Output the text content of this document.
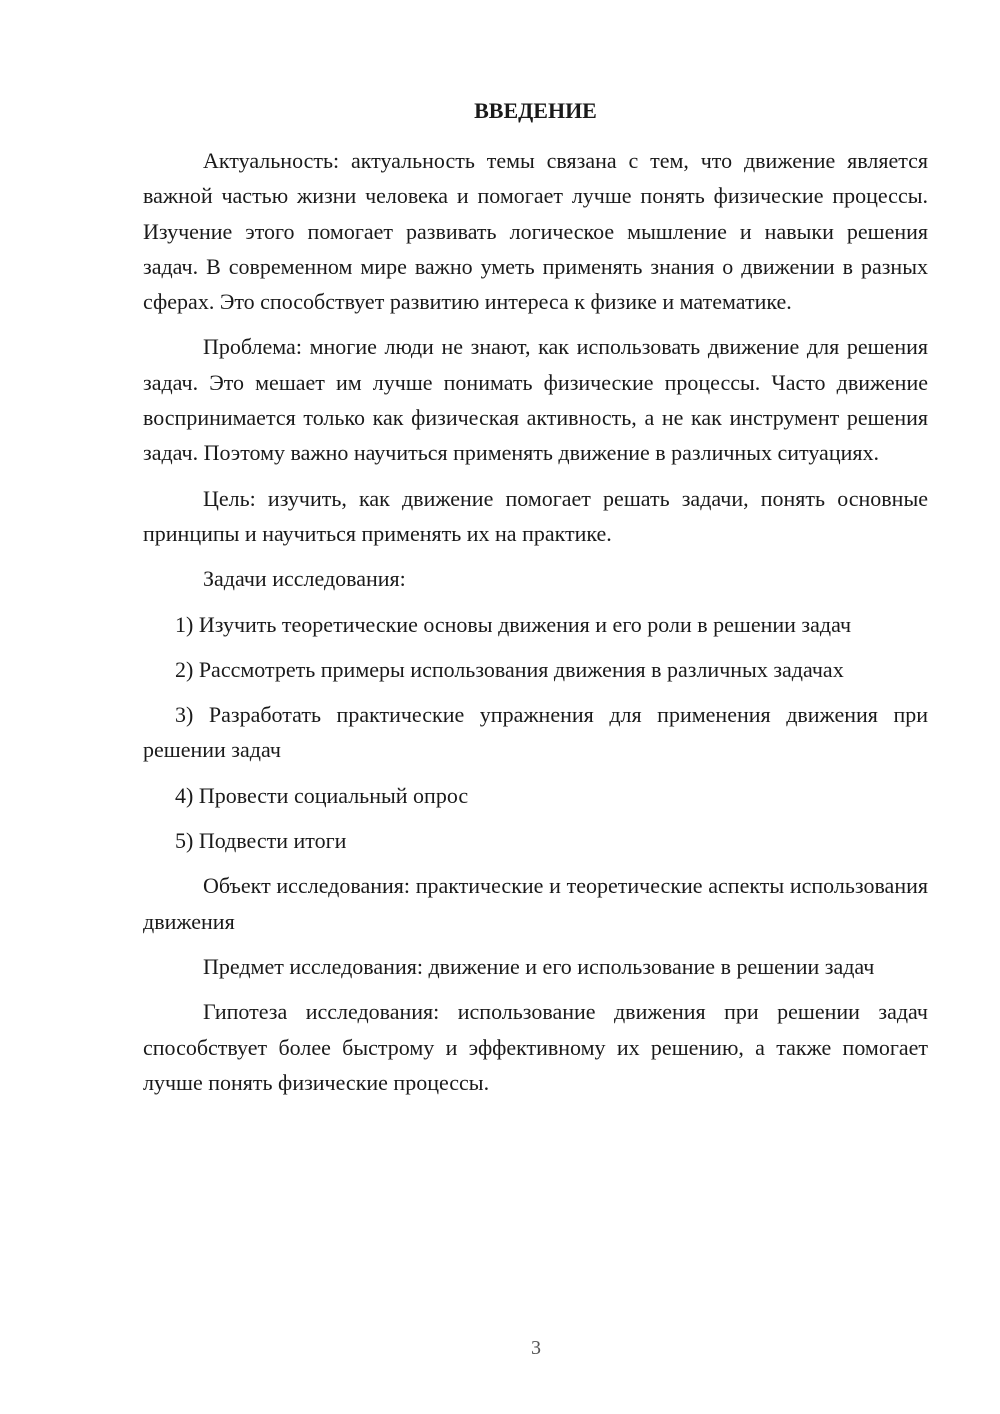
ВВЕДЕНИЕ

Актуальность: актуальность темы связана с тем, что движение является важной частью жизни человека и помогает лучше понять физические процессы. Изучение этого помогает развивать логическое мышление и навыки решения задач. В современном мире важно уметь применять знания о движении в разных сферах. Это способствует развитию интереса к физике и математике.

Проблема: многие люди не знают, как использовать движение для решения задач. Это мешает им лучше понимать физические процессы. Часто движение воспринимается только как физическая активность, а не как инструмент решения задач. Поэтому важно научиться применять движение в различных ситуациях.

Цель: изучить, как движение помогает решать задачи, понять основные принципы и научиться применять их на практике.

Задачи исследования:

1) Изучить теоретические основы движения и его роли в решении задач

2) Рассмотреть примеры использования движения в различных задачах

3) Разработать практические упражнения для применения движения при решении задач

4) Провести социальный опрос

5) Подвести итоги

Объект исследования: практические и теоретические аспекты использования движения

Предмет исследования: движение и его использование в решении задач

Гипотеза исследования: использование движения при решении задач способствует более быстрому и эффективному их решению, а также помогает лучше понять физические процессы.

3
